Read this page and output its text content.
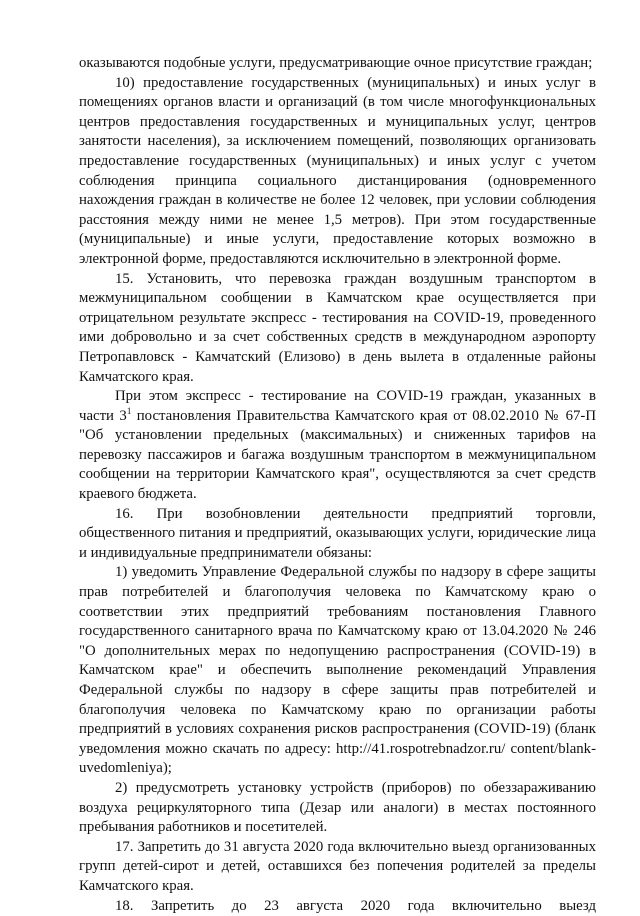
оказываются подобные услуги, предусматривающие очное присутствие граждан;

10) предоставление государственных (муниципальных) и иных услуг в помещениях органов власти и организаций (в том числе многофункциональных центров предоставления государственных и муниципальных услуг, центров занятости населения), за исключением помещений, позволяющих организовать предоставление государственных (муниципальных) и иных услуг с учетом соблюдения принципа социального дистанцирования (одновременного нахождения граждан в количестве не более 12 человек, при условии соблюдения расстояния между ними не менее 1,5 метров). При этом государственные (муниципальные) и иные услуги, предоставление которых возможно в электронной форме, предоставляются исключительно в электронной форме.

15. Установить, что перевозка граждан воздушным транспортом в межмуниципальном сообщении в Камчатском крае осуществляется при отрицательном результате экспресс - тестирования на COVID-19, проведенного ими добровольно и за счет собственных средств в международном аэропорту Петропавловск - Камчатский (Елизово) в день вылета в отдаленные районы Камчатского края.

При этом экспресс - тестирование на COVID-19 граждан, указанных в части $3^1$ постановления Правительства Камчатского края от 08.02.2010 № 67-П "Об установлении предельных (максимальных) и сниженных тарифов на перевозку пассажиров и багажа воздушным транспортом в межмуниципальном сообщении на территории Камчатского края", осуществляются за счет средств краевого бюджета.

16. При возобновлении деятельности предприятий торговли, общественного питания и предприятий, оказывающих услуги, юридические лица и индивидуальные предприниматели обязаны:

1) уведомить Управление Федеральной службы по надзору в сфере защиты прав потребителей и благополучия человека по Камчатскому краю о соответствии этих предприятий требованиям постановления Главного государственного санитарного врача по Камчатскому краю от 13.04.2020 № 246 "О дополнительных мерах по недопущению распространения (COVID-19) в Камчатском крае" и обеспечить выполнение рекомендаций Управления Федеральной службы по надзору в сфере защиты прав потребителей и благополучия человека по Камчатскому краю по организации работы предприятий в условиях сохранения рисков распространения (COVID-19) (бланк уведомления можно скачать по адресу: http://41.rospotrebnadzor.ru/ content/blank-uvedomleniya);

2) предусмотреть установку устройств (приборов) по обеззараживанию воздуха рециркуляторного типа (Дезар или аналоги) в местах постоянного пребывания работников и посетителей.

17. Запретить до 31 августа 2020 года включительно выезд организованных групп детей-сирот и детей, оставшихся без попечения родителей за пределы Камчатского края.

18. Запретить до 23 августа 2020 года включительно выезд
